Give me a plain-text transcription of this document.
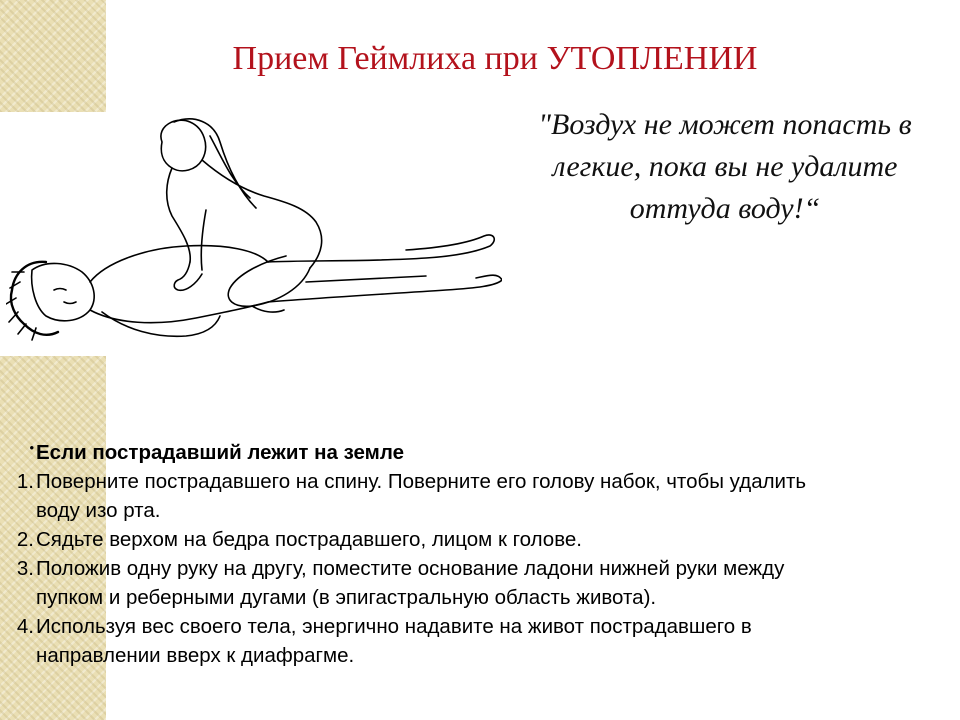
Прием Геймлиха при УТОПЛЕНИИ
"Воздух не может попасть в
легкие, пока вы не удалите
оттуда воду!“
• Если пострадавший лежит на земле
1. Поверните пострадавшего на спину. Поверните его голову набок, чтобы удалить
воду изо рта.
2. Сядьте верхом на бедра пострадавшего, лицом к голове.
3. Положив одну руку на другу, поместите основание ладони нижней руки между
пупком и реберными дугами (в эпигастральную область живота).
4. Используя вес своего тела, энергично надавите на живот пострадавшего в
направлении вверх к диафрагме.
